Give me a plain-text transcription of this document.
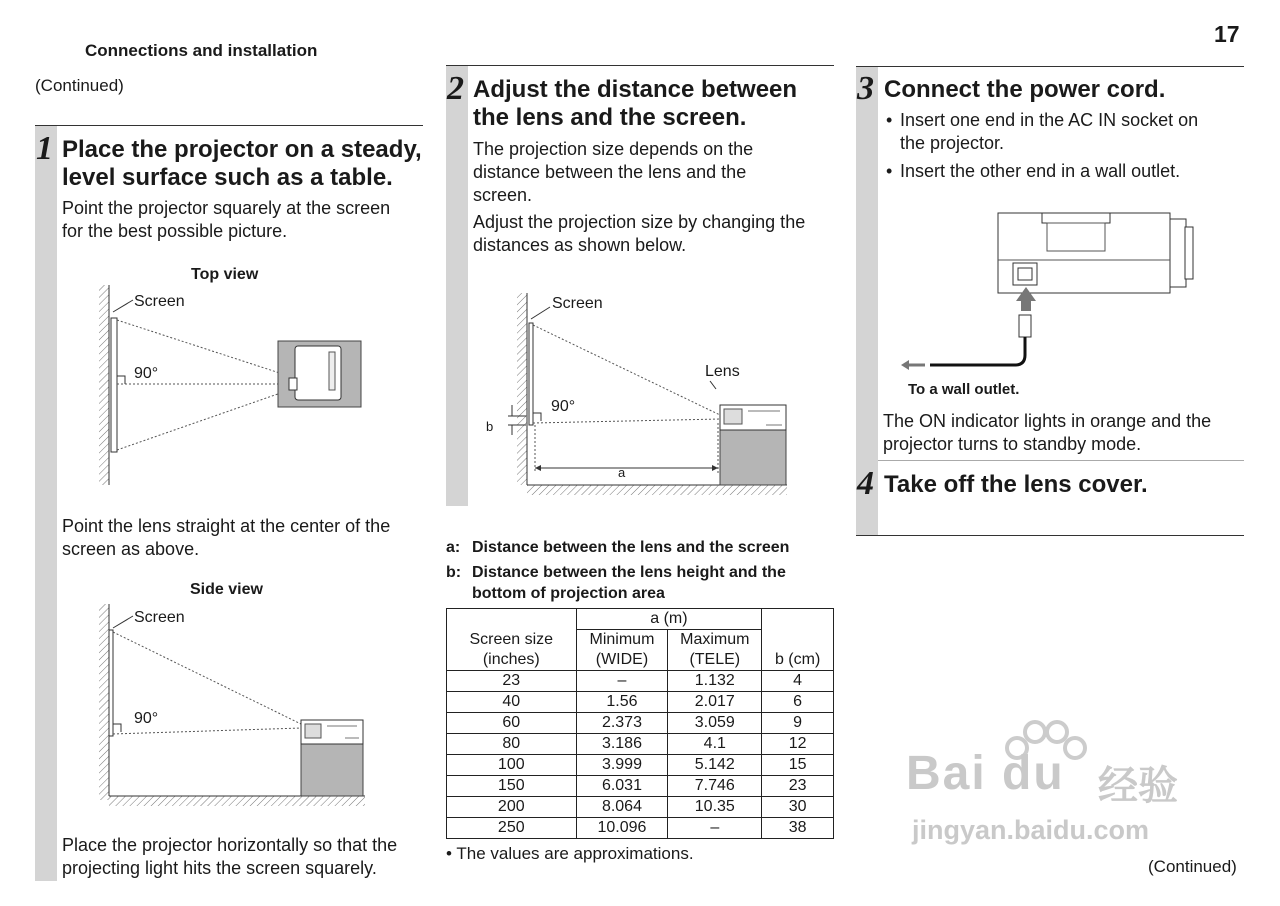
Connections and installation
17
(Continued)
1 Place the projector on a steady,
level surface such as a table.
Point the projector squarely at the screen
for the best possible picture.
Top view
Screen
90°
Point the lens straight at the center of the
screen as above.
Side view
Screen
90°
Place the projector horizontally so that the
projecting light hits the screen squarely.
2 Adjust the distance between
the lens and the screen.
The projection size depends on the
distance between the lens and the
screen.
Adjust the projection size by changing the
distances as shown below.
Screen
Lens
90°
b
a
a: Distance between the lens and the screen
b: Distance between the lens height and the
bottom of projection area
	a (m)		
Screen size	Minimum	Maximum	
(inches)	(WIDE)	(TELE)	b (cm)
23	–	1.132	4
40	1.56	2.017	6
60	2.373	3.059	9
80	3.186	4.1	12
100	3.999	5.142	15
150	6.031	7.746	23
200	8.064	10.35	30
250	10.096	–	38
• The values are approximations.
3 Connect the power cord.
• Insert one end in the AC IN socket on
the projector.
• Insert the other end in a wall outlet.
To a wall outlet.
The ON indicator lights in orange and the
projector turns to standby mode.
4 Take off the lens cover.
Bai du 经验
jingyan.baidu.com
(Continued)
